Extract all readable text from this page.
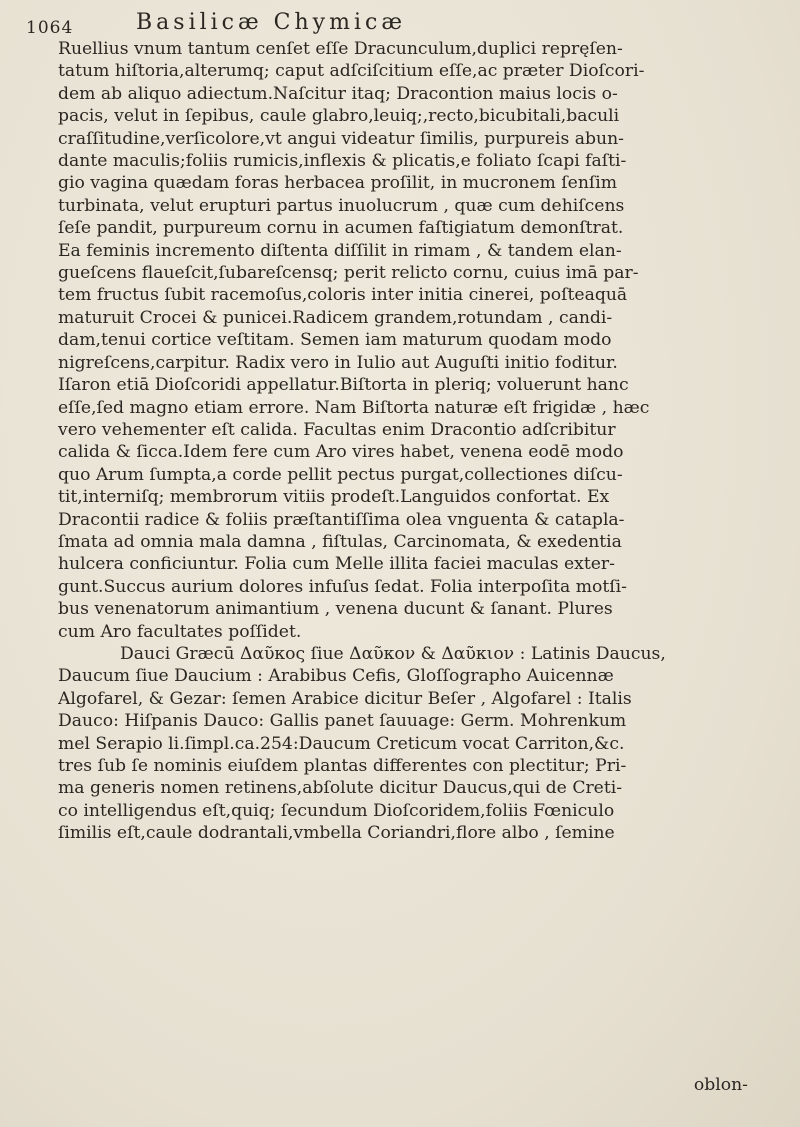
1064	Basilicæ Chymicæ
Ruellius vnum tantum cenſet eſſe Dracunculum,duplici repręſen-
tatum hiſtoria,alterumq; caput adſciſcitium eſſe,ac præter Dioſcori-
dem ab aliquo adiectum.Naſcitur itaq; Dracontion maius locis o-
pacis, velut in ſepibus, caule glabro,leuiq;,recto,bicubitali,baculi
craſſitudine,verſicolore,vt angui videatur ſimilis, purpureis abun-
dante maculis;foliis rumicis,inflexis & plicatis,e foliato ſcapi faſti-
gio vagina quædam foras herbacea proſilit, in mucronem ſenſim
turbinata, velut erupturi partus inuolucrum , quæ cum dehiſcens
ſeſe pandit, purpureum cornu in acumen faſtigiatum demonſtrat.
Ea feminis incremento diſtenta diſſilit in rimam , & tandem elan-
gueſcens flaueſcit,ſubareſcensq; perit relicto cornu, cuius imā par-
tem fructus ſubit racemoſus,coloris inter initia cinerei, poſteaquā
maturuit Crocei & punicei.Radicem grandem,rotundam , candi-
dam,tenui cortice veſtitam. Semen iam maturum quodam modo
nigreſcens,carpitur. Radix vero in Iulio aut Auguſti initio foditur.
Iſaron etiā Dioſcoridi appellatur.Biſtorta in pleriq; voluerunt hanc
eſſe,ſed magno etiam errore. Nam Biſtorta naturæ eſt frigidæ , hæc
vero vehementer eſt calida. Facultas enim Dracontio adſcribitur
calida & ſicca.Idem fere cum Aro vires habet, venena eodē modo
quo Arum ſumpta,a corde pellit pectus purgat,collectiones diſcu-
tit,interniſq; membrorum vitiis prodeſt.Languidos confortat. Ex
Dracontii radice & foliis præſtantiſſima olea vnguenta & catapla-
ſmata ad omnia mala damna , fiſtulas, Carcinomata, & exedentia
hulcera conficiuntur. Folia cum Melle illita faciei maculas exter-
gunt.Succus aurium dolores infuſus ſedat. Folia interpoſita motſi-
bus venenatorum animantium , venena ducunt & ſanant. Plures
cum Aro facultates poſſidet.
Dauci Græcū Δαῦκος ſiue Δαῦκον & Δαῦκιον : Latinis Daucus,
Daucum ſiue Daucium : Arabibus Cefis, Gloſſographo Auicennæ
Algofarel, & Gezar: ſemen Arabice dicitur Beſer , Algofarel : Italis
Dauco: Hiſpanis Dauco: Gallis panet ſauuage: Germ. Mohrenkum
mel Serapio li.ſimpl.ca.254:Daucum Creticum vocat Carriton,&c.
tres ſub ſe nominis eiuſdem plantas differentes con plectitur; Pri-
ma generis nomen retinens,abſolute dicitur Daucus,qui de Creti-
co intelligendus eſt,quiq; ſecundum Dioſcoridem,foliis Fœniculo
ſimilis eſt,caule dodrantali,vmbella Coriandri,flore albo , ſemine
oblon-
